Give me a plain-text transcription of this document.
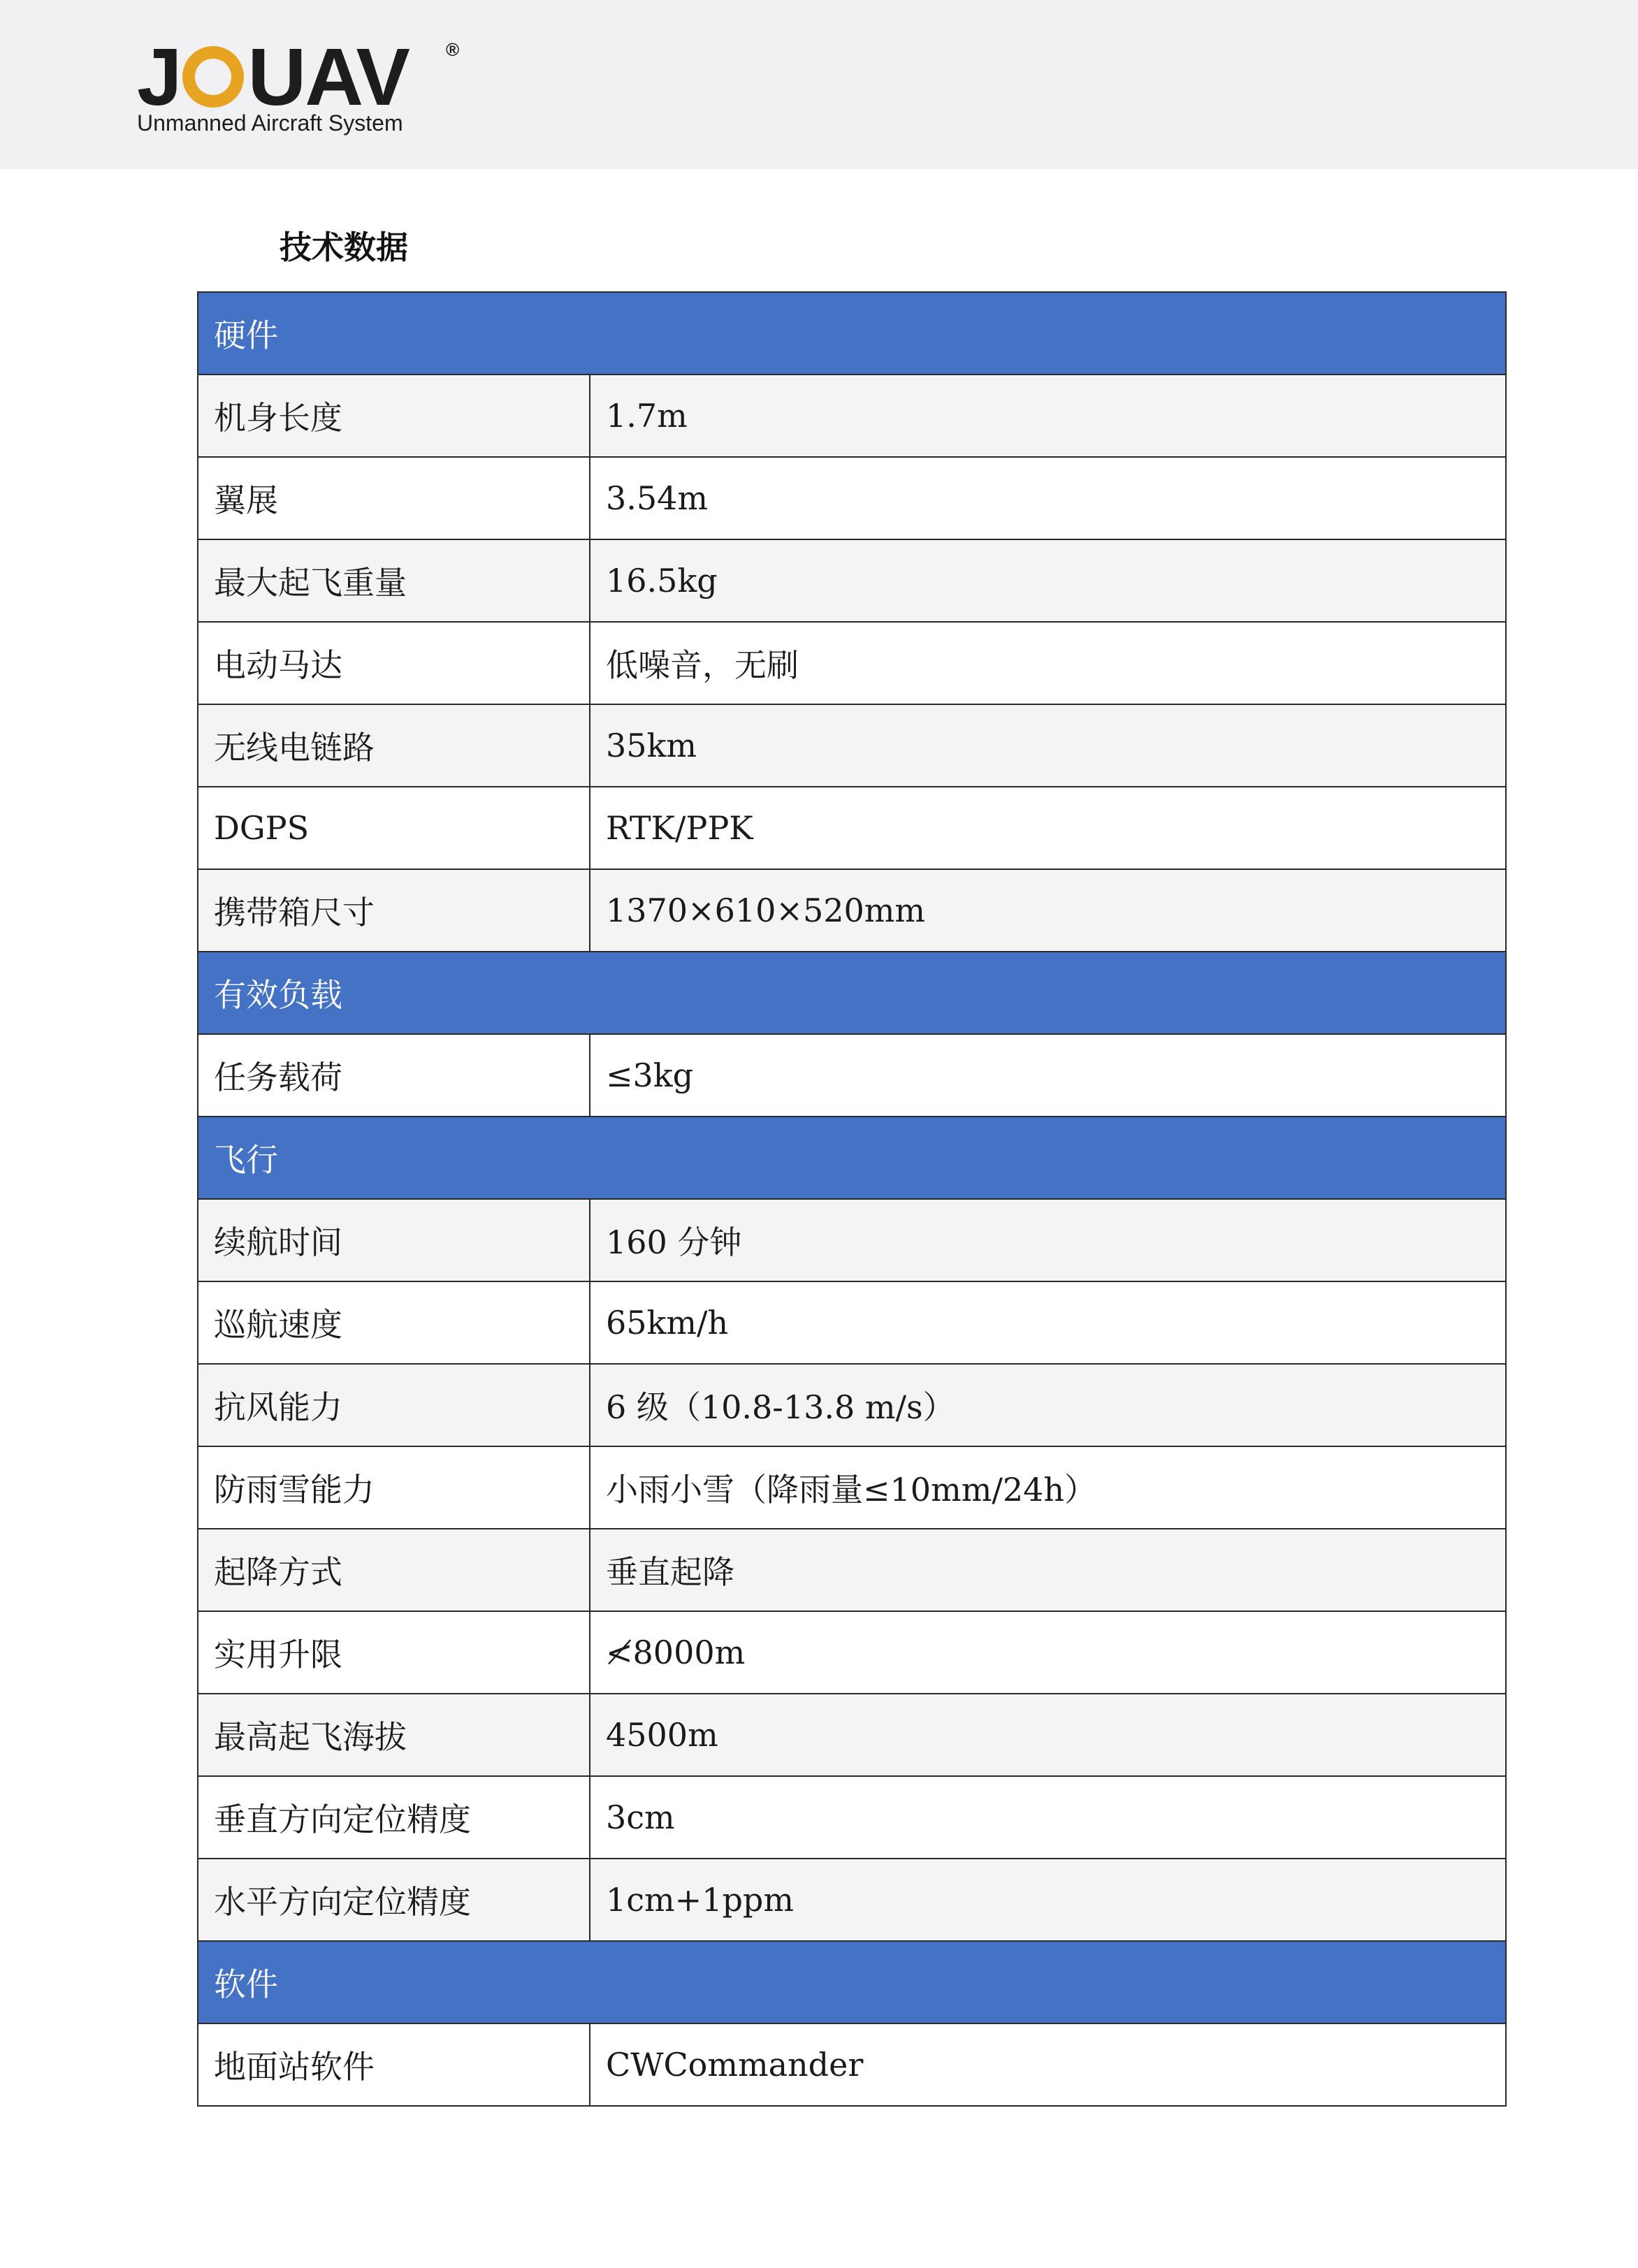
J UAV ®
Unmanned Aircraft System
技术数据
硬件	
机身长度	1.7m
翼展	3.54m
最大起飞重量	16.5kg
电动马达	低噪音，无刷
无线电链路	35km
DGPS	RTK/PPK
携带箱尺寸	1370×610×520mm
有效负载	
任务载荷	≤3kg
飞行	
续航时间	160 分钟
巡航速度	65km/h
抗风能力	6 级（10.8-13.8 m/s）
防雨雪能力	小雨小雪（降雨量≤10mm/24h）
起降方式	垂直起降
实用升限	≮8000m
最高起飞海拔	4500m
垂直方向定位精度	3cm
水平方向定位精度	1cm+1ppm
软件	
地面站软件	CWCommander
